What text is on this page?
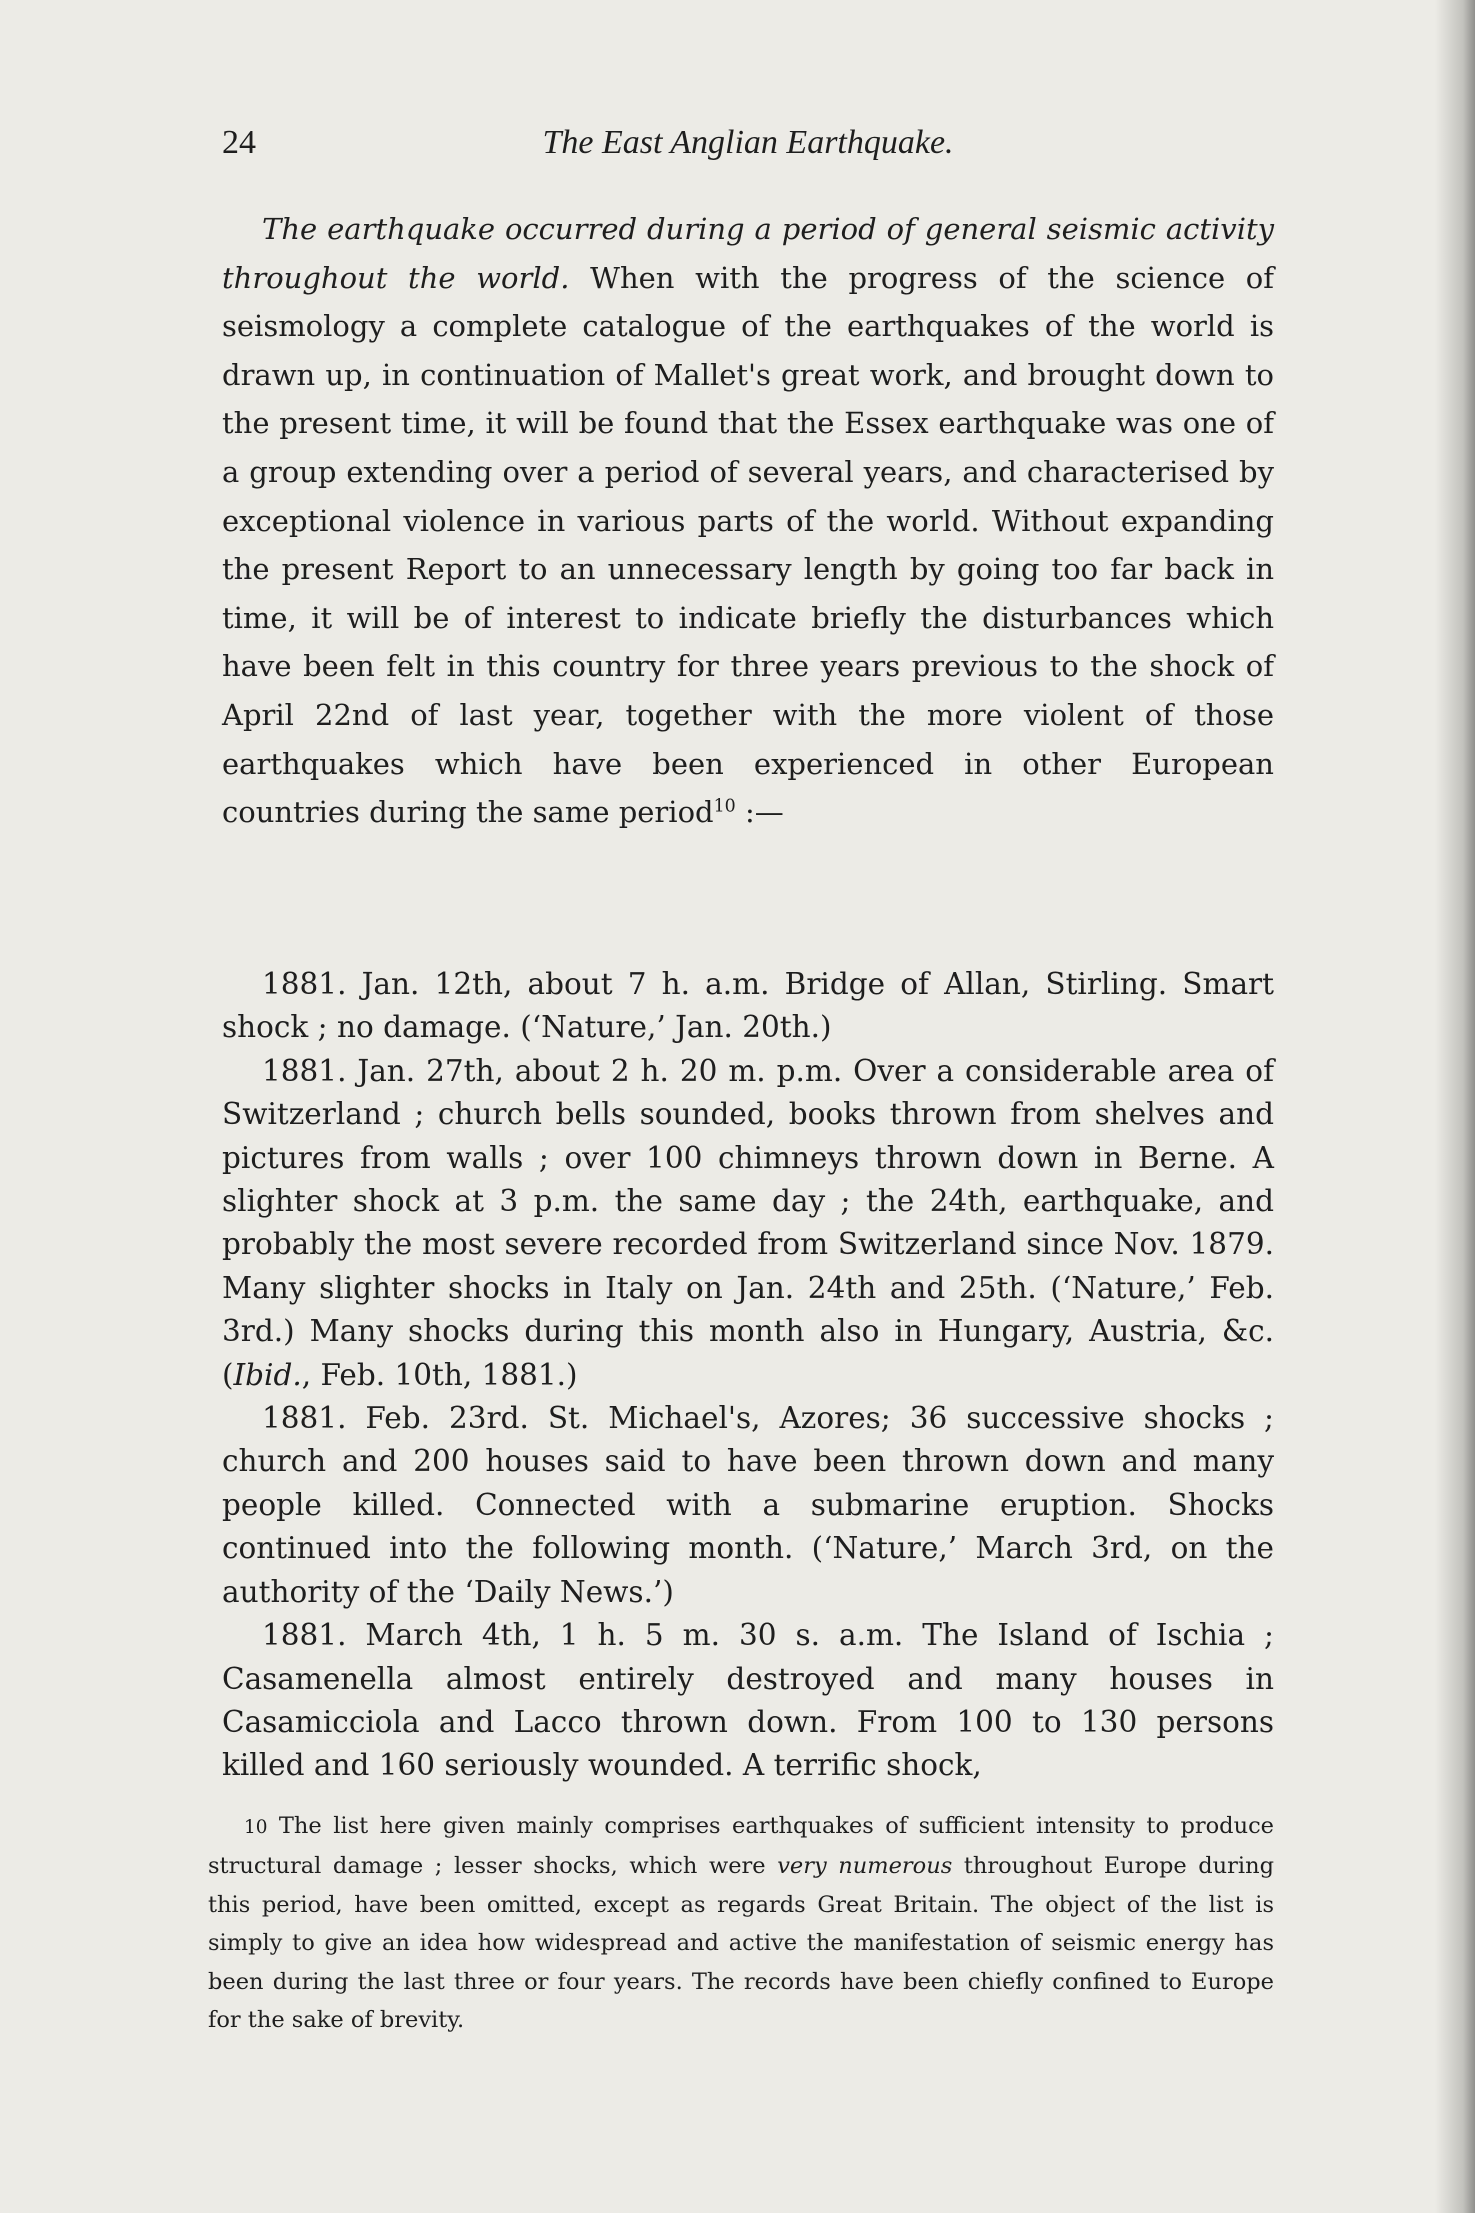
24	The East Anglian Earthquake.

The earthquake occurred during a period of general seismic activity throughout the world. When with the progress of the science of seismology a complete catalogue of the earthquakes of the world is drawn up, in continuation of Mallet's great work, and brought down to the present time, it will be found that the Essex earthquake was one of a group extending over a period of several years, and characterised by exceptional violence in various parts of the world. Without expanding the present Report to an unnecessary length by going too far back in time, it will be of interest to indicate briefly the disturbances which have been felt in this country for three years previous to the shock of April 22nd of last year, together with the more violent of those earthquakes which have been experienced in other European countries during the same period$^{10}$ :—

1881. Jan. 12th, about 7 h. a.m. Bridge of Allan, Stirling. Smart shock ; no damage. (‘Nature,’ Jan. 20th.)

1881. Jan. 27th, about 2 h. 20 m. p.m. Over a considerable area of Switzerland ; church bells sounded, books thrown from shelves and pictures from walls ; over 100 chimneys thrown down in Berne. A slighter shock at 3 p.m. the same day ; the 24th, earthquake, and probably the most severe recorded from Switzerland since Nov. 1879. Many slighter shocks in Italy on Jan. 24th and 25th. (‘Nature,’ Feb. 3rd.) Many shocks during this month also in Hungary, Austria, &c. (Ibid., Feb. 10th, 1881.)

1881. Feb. 23rd. St. Michael's, Azores; 36 successive shocks ; church and 200 houses said to have been thrown down and many people killed. Connected with a submarine eruption. Shocks continued into the following month. (‘Nature,’ March 3rd, on the authority of the ‘Daily News.’)

1881. March 4th, 1 h. 5 m. 30 s. a.m. The Island of Ischia ; Casamenella almost entirely destroyed and many houses in Casamicciola and Lacco thrown down. From 100 to 130 persons killed and 160 seriously wounded. A terrific shock,

10 The list here given mainly comprises earthquakes of sufficient intensity to produce structural damage ; lesser shocks, which were very numerous throughout Europe during this period, have been omitted, except as regards Great Britain. The object of the list is simply to give an idea how widespread and active the manifestation of seismic energy has been during the last three or four years. The records have been chiefly confined to Europe for the sake of brevity.
